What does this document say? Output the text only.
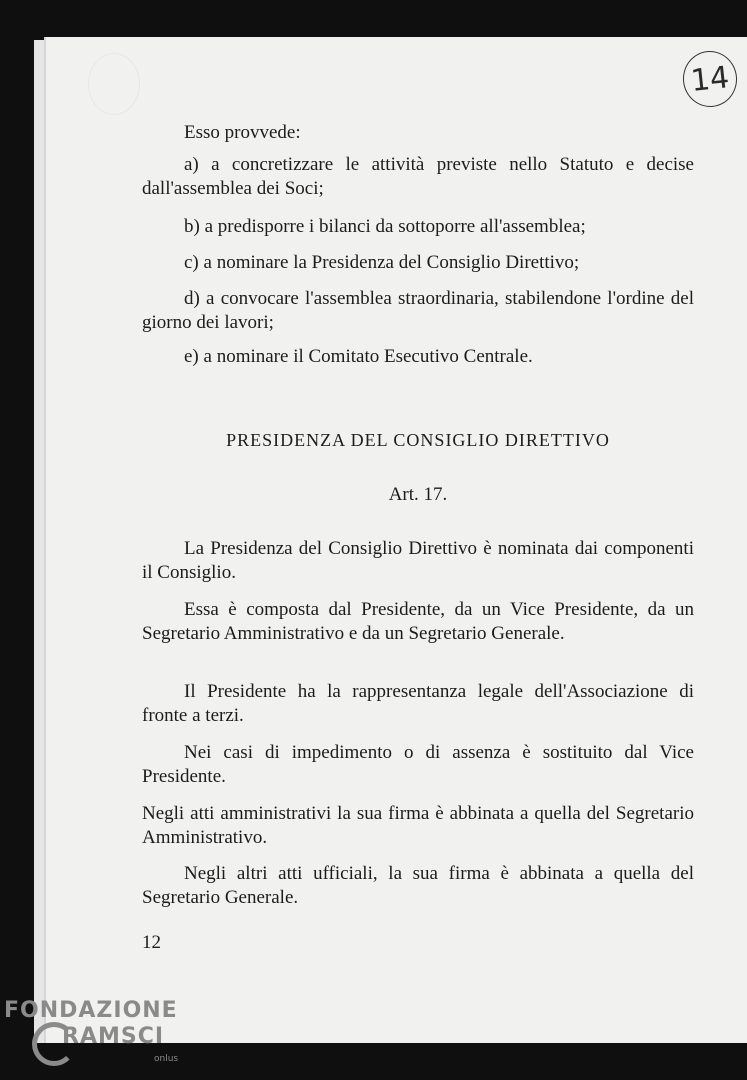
14
Esso provvede:
a) a concretizzare le attività previste nello Statuto e decise dall'assemblea dei Soci;
b) a predisporre i bilanci da sottoporre all'assemblea;
c) a nominare la Presidenza del Consiglio Direttivo;
d) a convocare l'assemblea straordinaria, stabilendone l'ordine del giorno dei lavori;
e) a nominare il Comitato Esecutivo Centrale.
PRESIDENZA DEL CONSIGLIO DIRETTIVO
Art. 17.
La Presidenza del Consiglio Direttivo è nominata dai componenti il Consiglio.
Essa è composta dal Presidente, da un Vice Presidente, da un Segretario Amministrativo e da un Segretario Generale.
Il Presidente ha la rappresentanza legale dell'Associazione di fronte a terzi.
Nei casi di impedimento o di assenza è sostituito dal Vice Presidente.
Negli atti amministrativi la sua firma è abbinata a quella del Segretario Amministrativo.
Negli altri atti ufficiali, la sua firma è abbinata a quella del Segretario Generale.
12
FONDAZIONE
RAMSCI
onlus
